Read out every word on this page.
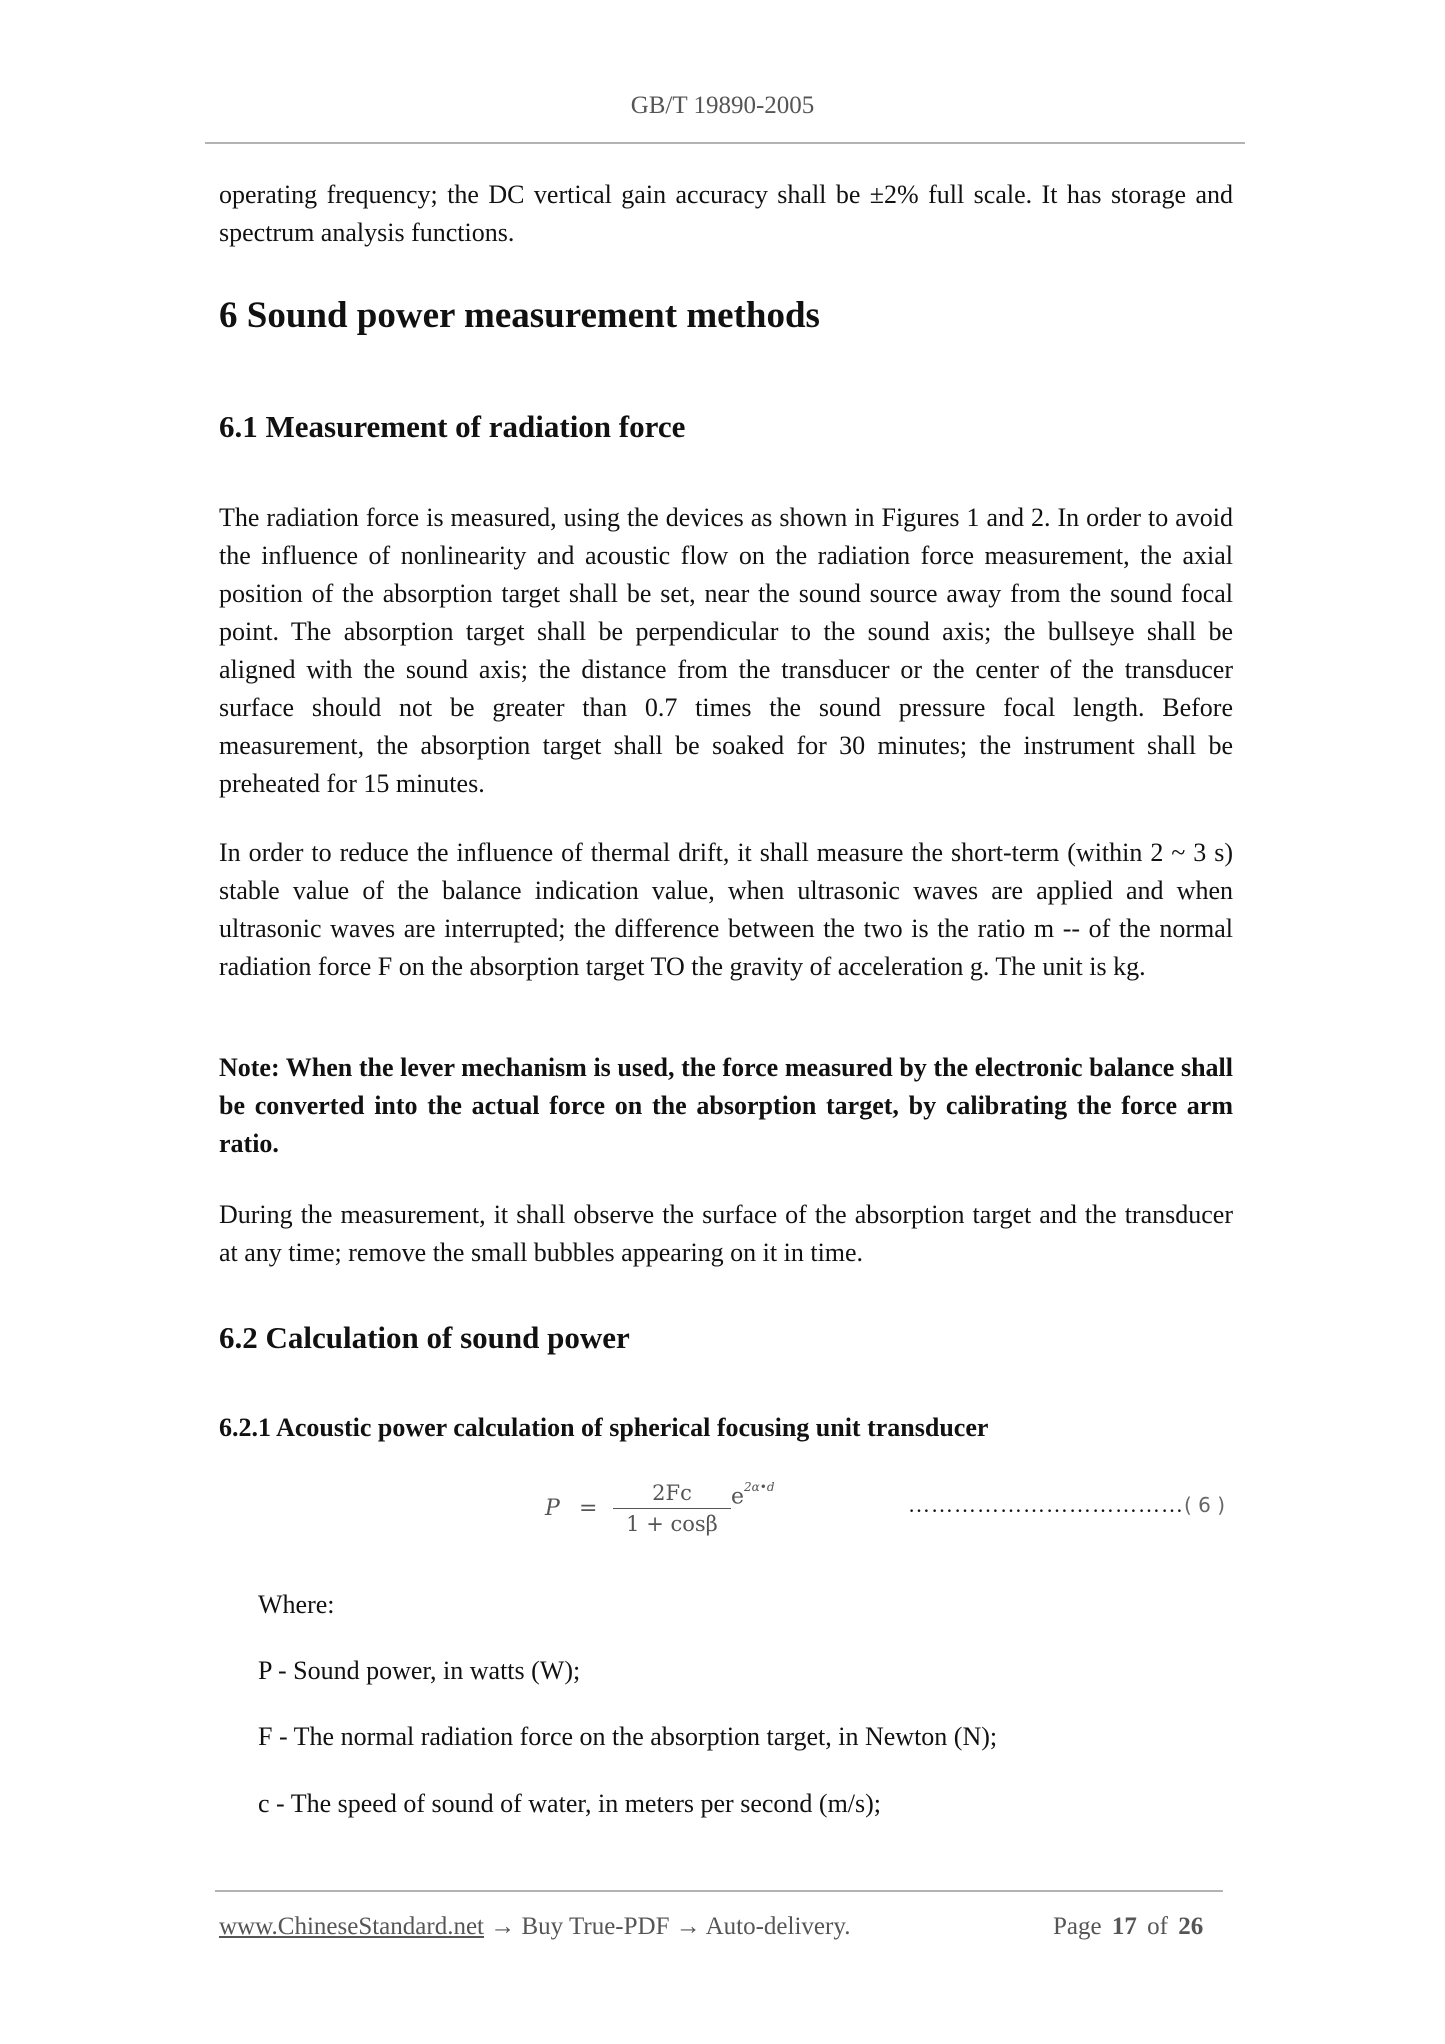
GB/T 19890-2005

operating frequency; the DC vertical gain accuracy shall be ±2% full scale. It has storage and spectrum analysis functions.

6 Sound power measurement methods
6.1 Measurement of radiation force

The radiation force is measured, using the devices as shown in Figures 1 and 2. In order to avoid the influence of nonlinearity and acoustic flow on the radiation force measurement, the axial position of the absorption target shall be set, near the sound source away from the sound focal point. The absorption target shall be perpendicular to the sound axis; the bullseye shall be aligned with the sound axis; the distance from the transducer or the center of the transducer surface should not be greater than 0.7 times the sound pressure focal length. Before measurement, the absorption target shall be soaked for 30 minutes; the instrument shall be preheated for 15 minutes.

In order to reduce the influence of thermal drift, it shall measure the short-term (within 2 ~ 3 s) stable value of the balance indication value, when ultrasonic waves are applied and when ultrasonic waves are interrupted; the difference between the two is the ratio m -- of the normal radiation force F on the absorption target TO the gravity of acceleration g. The unit is kg.

Note: When the lever mechanism is used, the force measured by the electronic balance shall be converted into the actual force on the absorption target, by calibrating the force arm ratio.

During the measurement, it shall observe the surface of the absorption target and the transducer at any time; remove the small bubbles appearing on it in time.

6.2 Calculation of sound power
6.2.1 Acoustic power calculation of spherical focusing unit transducer
P =
2Fc
1 + cosβ
$e^{2\alpha•d}$
………………………………( 6 )
Where:
P - Sound power, in watts (W);
F - The normal radiation force on the absorption target, in Newton (N);
c - The speed of sound of water, in meters per second (m/s);
www.ChineseStandard.net → Buy True-PDF → Auto-delivery.	Page 17 of 26
